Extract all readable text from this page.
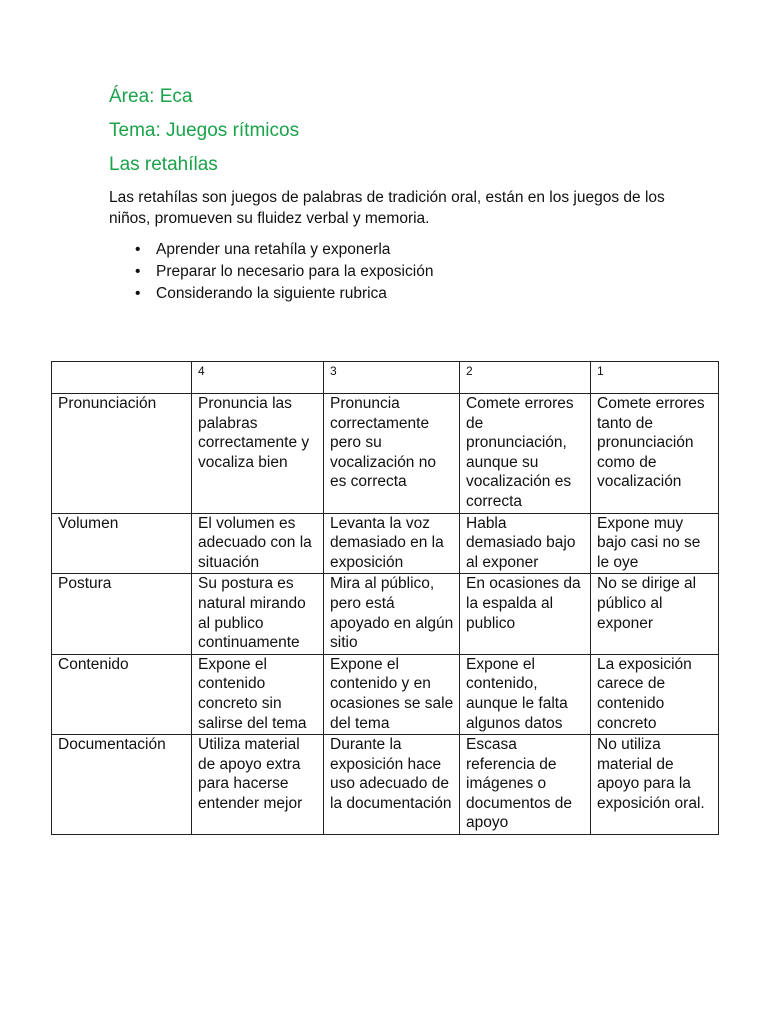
Área: Eca
Tema: Juegos rítmicos
Las retahílas

Las retahílas son juegos de palabras de tradición oral, están en los juegos de los niños, promueven su fluidez verbal y memoria.

• Aprender una retahíla y exponerla
• Preparar lo necesario para la exposición
• Considerando la siguiente rubrica
	4	3	2	1
Pronunciación	Pronuncia las palabras correctamente y vocaliza bien	Pronuncia correctamente pero su vocalización no es correcta	Comete errores de pronunciación, aunque su vocalización es correcta	Comete errores tanto de pronunciación como de vocalización
Volumen	El volumen es adecuado con la situación	Levanta la voz demasiado en la exposición	Habla demasiado bajo al exponer	Expone muy bajo casi no se le oye
Postura	Su postura es natural mirando al publico continuamente	Mira al público, pero está apoyado en algún sitio	En ocasiones da la espalda al publico	No se dirige al público al exponer
Contenido	Expone el contenido concreto sin salirse del tema	Expone el contenido y en ocasiones se sale del tema	Expone el contenido, aunque le falta algunos datos	La exposición carece de contenido concreto
Documentación	Utiliza material de apoyo extra para hacerse entender mejor	Durante la exposición hace uso adecuado de la documentación	Escasa referencia de imágenes o documentos de apoyo	No utiliza material de apoyo para la exposición oral.
